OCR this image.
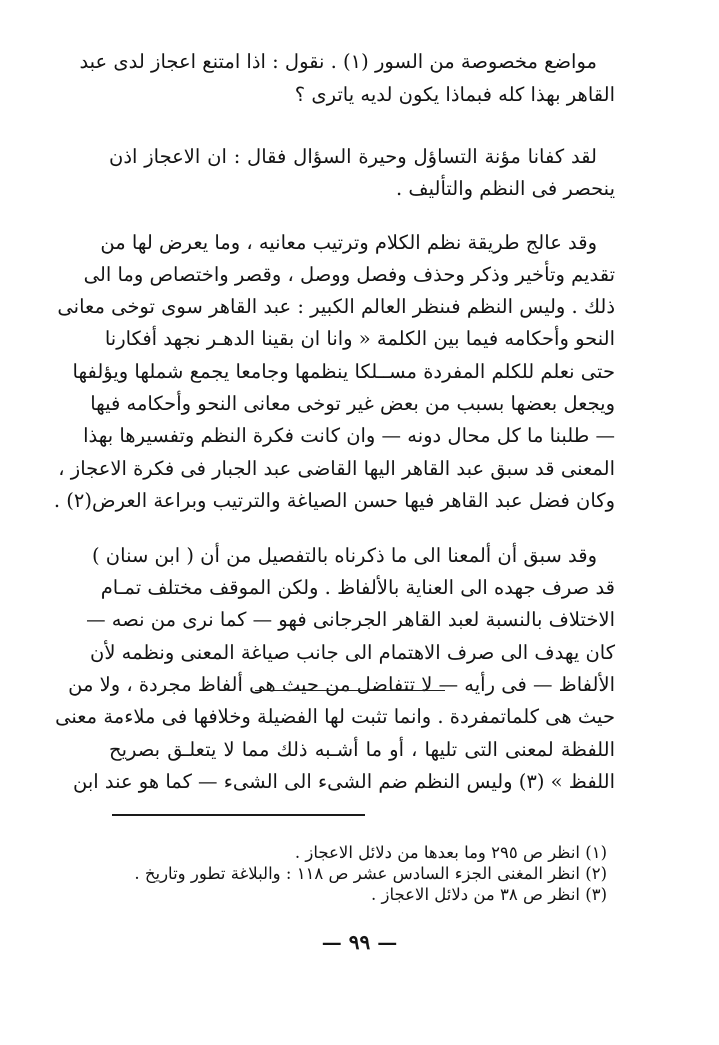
مواضع مخصوصة من السور (١) . نقول : اذا امتنع اعجاز لدى عبد
القاهر بهذا كله فبماذا يكون لديه ياترى ؟
لقد كفانا مؤنة التساؤل وحيرة السؤال فقال : ان الاعجاز اذن
ينحصر فى النظم والتأليف .
وقد عالج طريقة نظم الكلام وترتيب معانيه ، وما يعرض لها من
تقديم وتأخير وذكر وحذف وفصل ووصل ، وقصر واختصاص وما الى
ذلك . وليس النظم فىنظر العالم الكبير : عبد القاهر سوى توخى معانى
النحو وأحكامه فيما بين الكلمة « وانا ان بقينا الدهـر نجهد أفكارنا
حتى نعلم للكلم المفردة مســلكا ينظمها وجامعا يجمع شملها ويؤلفها
ويجعل بعضها بسبب من بعض غير توخى معانى النحو وأحكامه فيها
— طلبنا ما كل محال دونه — وان كانت فكرة النظم وتفسيرها بهذا
المعنى قد سبق عبد القاهر اليها القاضى عبد الجبار فى فكرة الاعجاز ،
وكان فضل عبد القاهر فيها حسن الصياغة والترتيب وبراعة العرض(٢) .
وقد سبق أن ألمعنا الى ما ذكرناه بالتفصيل من أن ( ابن سنان )
قد صرف جهده الى العناية بالألفاظ . ولكن الموقف مختلف تمـام
الاختلاف بالنسبة لعبد القاهر الجرجانى فهو — كما نرى من نصه —
كان يهدف الى صرف الاهتمام الى جانب صياغة المعنى ونظمه لأن
الألفاظ — فى رأيه — لا تتفاضل من حيث هى ألفاظ مجردة ، ولا من
حيث هى كلماتمفردة . وانما تثبت لها الفضيلة وخلافها فى ملاءمة معنى
اللفظة لمعنى التى تليها ، أو ما أشـبه ذلك مما لا يتعلـق بصريح
اللفظ » (٣) وليس النظم ضم الشىء الى الشىء — كما هو عند ابن
(١) انظر ص ٢٩٥ وما بعدها من دلائل الاعجاز .
(٢) انظر المغنى الجزء السادس عشر ص ١١٨ : والبلاغة تطور وتاريخ .
(٣) انظر ص ٣٨ من دلائل الاعجاز .
— ٩٩ —
